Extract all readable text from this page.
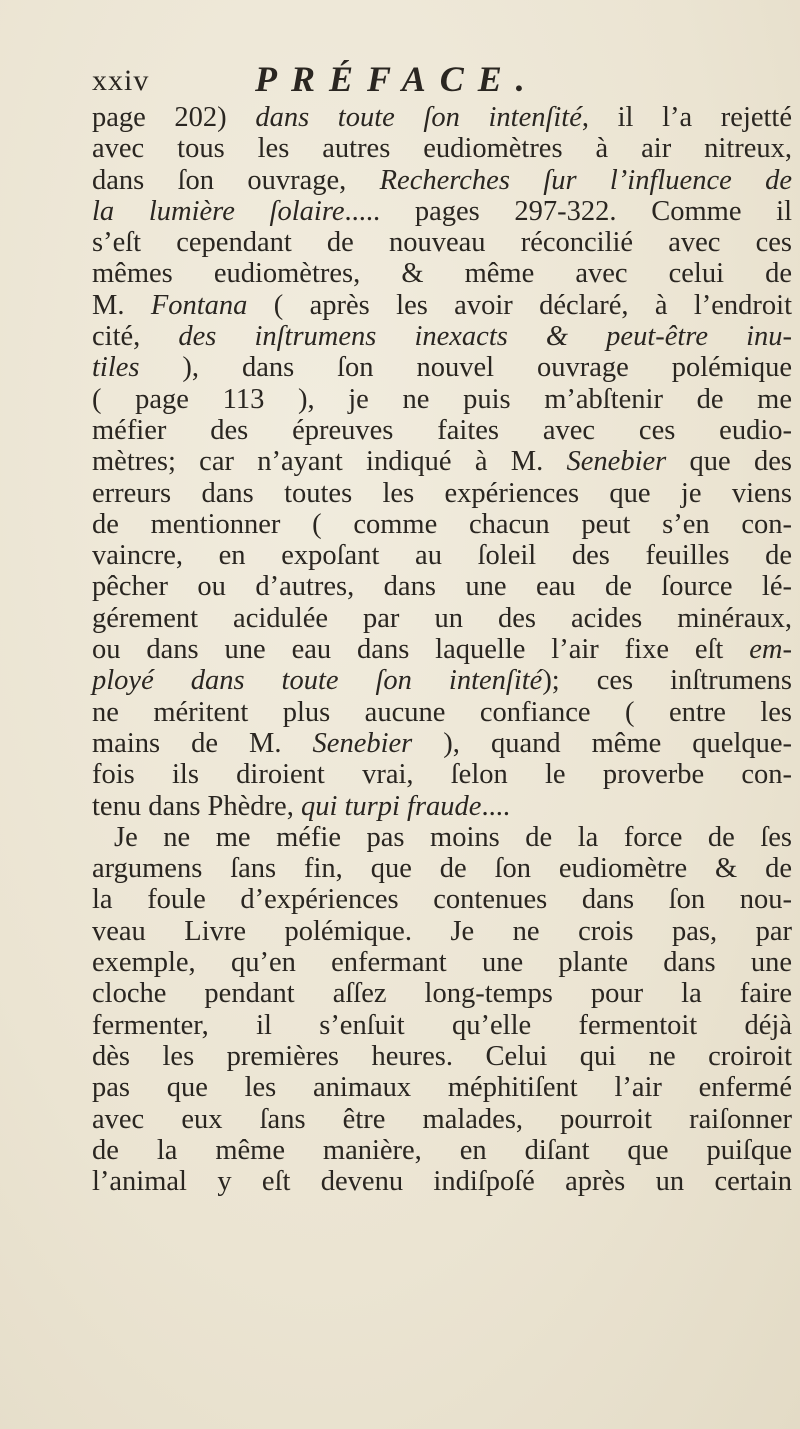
xxiv	PRÉFACE.
page 202) dans toute ſon intenſité, il l’a rejetté
avec tous les autres eudiomètres à air nitreux,
dans ſon ouvrage, Recherches ſur l’influence de
la lumière ſolaire..... pages 297-322. Comme il
s’eſt cependant de nouveau réconcilié avec ces
mêmes eudiomètres, & même avec celui de
M. Fontana ( après les avoir déclaré, à l’endroit
cité, des inſtrumens inexacts & peut-être inu-
tiles ), dans ſon nouvel ouvrage polémique
( page 113 ), je ne puis m’abſtenir de me
méfier des épreuves faites avec ces eudio-
mètres; car n’ayant indiqué à M. Senebier que des
erreurs dans toutes les expériences que je viens
de mentionner ( comme chacun peut s’en con-
vaincre, en expoſant au ſoleil des feuilles de
pêcher ou d’autres, dans une eau de ſource lé-
gérement acidulée par un des acides minéraux,
ou dans une eau dans laquelle l’air fixe eſt em-
ployé dans toute ſon intenſité); ces inſtrumens
ne méritent plus aucune confiance ( entre les
mains de M. Senebier ), quand même quelque-
fois ils diroient vrai, ſelon le proverbe con-
tenu dans Phèdre, qui turpi fraude....
Je ne me méfie pas moins de la force de ſes
argumens ſans fin, que de ſon eudiomètre & de
la foule d’expériences contenues dans ſon nou-
veau Livre polémique. Je ne crois pas, par
exemple, qu’en enfermant une plante dans une
cloche pendant aſſez long-temps pour la faire
fermenter, il s’enſuit qu’elle fermentoit déjà
dès les premières heures. Celui qui ne croiroit
pas que les animaux méphitiſent l’air enfermé
avec eux ſans être malades, pourroit raiſonner
de la même manière, en diſant que puiſque
l’animal y eſt devenu indiſpoſé après un certain
